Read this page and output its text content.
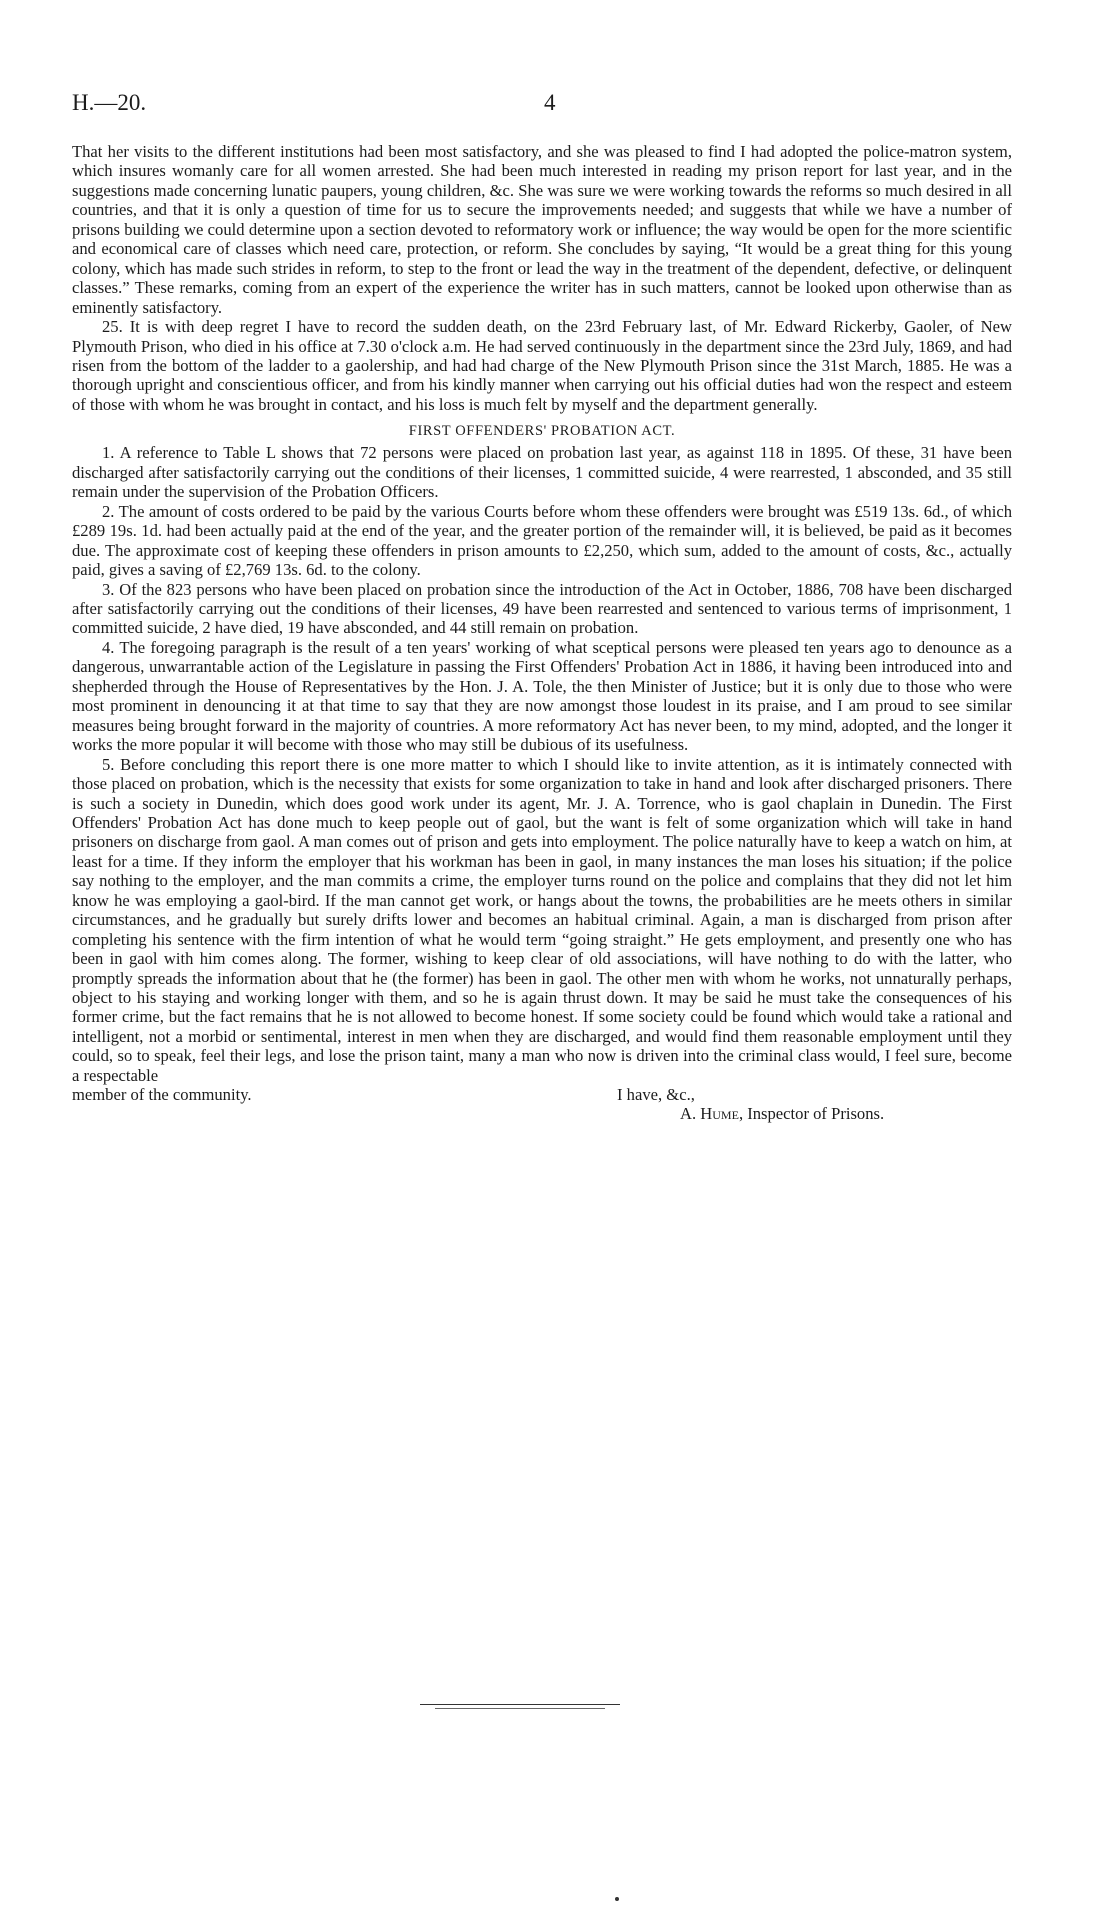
H.—20.	4

That her visits to the different institutions had been most satisfactory, and she was pleased to find I had adopted the police-matron system, which insures womanly care for all women arrested. She had been much interested in reading my prison report for last year, and in the suggestions made concerning lunatic paupers, young children, &c. She was sure we were working towards the reforms so much desired in all countries, and that it is only a question of time for us to secure the improvements needed; and suggests that while we have a number of prisons building we could determine upon a section devoted to reformatory work or influence; the way would be open for the more scientific and economical care of classes which need care, protection, or reform. She concludes by saying, “It would be a great thing for this young colony, which has made such strides in reform, to step to the front or lead the way in the treatment of the dependent, defective, or delinquent classes.” These remarks, coming from an expert of the experience the writer has in such matters, cannot be looked upon otherwise than as eminently satisfactory.

25. It is with deep regret I have to record the sudden death, on the 23rd February last, of Mr. Edward Rickerby, Gaoler, of New Plymouth Prison, who died in his office at 7.30 o'clock a.m. He had served continuously in the department since the 23rd July, 1869, and had risen from the bottom of the ladder to a gaolership, and had had charge of the New Plymouth Prison since the 31st March, 1885. He was a thorough upright and conscientious officer, and from his kindly manner when carrying out his official duties had won the respect and esteem of those with whom he was brought in contact, and his loss is much felt by myself and the department generally.

FIRST OFFENDERS' PROBATION ACT.

1. A reference to Table L shows that 72 persons were placed on probation last year, as against 118 in 1895. Of these, 31 have been discharged after satisfactorily carrying out the conditions of their licenses, 1 committed suicide, 4 were rearrested, 1 absconded, and 35 still remain under the supervision of the Probation Officers.

2. The amount of costs ordered to be paid by the various Courts before whom these offenders were brought was £519 13s. 6d., of which £289 19s. 1d. had been actually paid at the end of the year, and the greater portion of the remainder will, it is believed, be paid as it becomes due. The approximate cost of keeping these offenders in prison amounts to £2,250, which sum, added to the amount of costs, &c., actually paid, gives a saving of £2,769 13s. 6d. to the colony.

3. Of the 823 persons who have been placed on probation since the introduction of the Act in October, 1886, 708 have been discharged after satisfactorily carrying out the conditions of their licenses, 49 have been rearrested and sentenced to various terms of imprisonment, 1 committed suicide, 2 have died, 19 have absconded, and 44 still remain on probation.

4. The foregoing paragraph is the result of a ten years' working of what sceptical persons were pleased ten years ago to denounce as a dangerous, unwarrantable action of the Legislature in passing the First Offenders' Probation Act in 1886, it having been introduced into and shepherded through the House of Representatives by the Hon. J. A. Tole, the then Minister of Justice; but it is only due to those who were most prominent in denouncing it at that time to say that they are now amongst those loudest in its praise, and I am proud to see similar measures being brought forward in the majority of countries. A more reformatory Act has never been, to my mind, adopted, and the longer it works the more popular it will become with those who may still be dubious of its usefulness.

5. Before concluding this report there is one more matter to which I should like to invite attention, as it is intimately connected with those placed on probation, which is the necessity that exists for some organization to take in hand and look after discharged prisoners. There is such a society in Dunedin, which does good work under its agent, Mr. J. A. Torrence, who is gaol chaplain in Dunedin. The First Offenders' Probation Act has done much to keep people out of gaol, but the want is felt of some organization which will take in hand prisoners on discharge from gaol. A man comes out of prison and gets into employment. The police naturally have to keep a watch on him, at least for a time. If they inform the employer that his workman has been in gaol, in many instances the man loses his situation; if the police say nothing to the employer, and the man commits a crime, the employer turns round on the police and complains that they did not let him know he was employing a gaol-bird. If the man cannot get work, or hangs about the towns, the probabilities are he meets others in similar circumstances, and he gradually but surely drifts lower and becomes an habitual criminal. Again, a man is discharged from prison after completing his sentence with the firm intention of what he would term “going straight.” He gets employment, and presently one who has been in gaol with him comes along. The former, wishing to keep clear of old associations, will have nothing to do with the latter, who promptly spreads the information about that he (the former) has been in gaol. The other men with whom he works, not unnaturally perhaps, object to his staying and working longer with them, and so he is again thrust down. It may be said he must take the consequences of his former crime, but the fact remains that he is not allowed to become honest. If some society could be found which would take a rational and intelligent, not a morbid or sentimental, interest in men when they are discharged, and would find them reasonable employment until they could, so to speak, feel their legs, and lose the prison taint, many a man who now is driven into the criminal class would, I feel sure, become a respectable

member of the community.	I have, &c.,
A. Hume, Inspector of Prisons.
